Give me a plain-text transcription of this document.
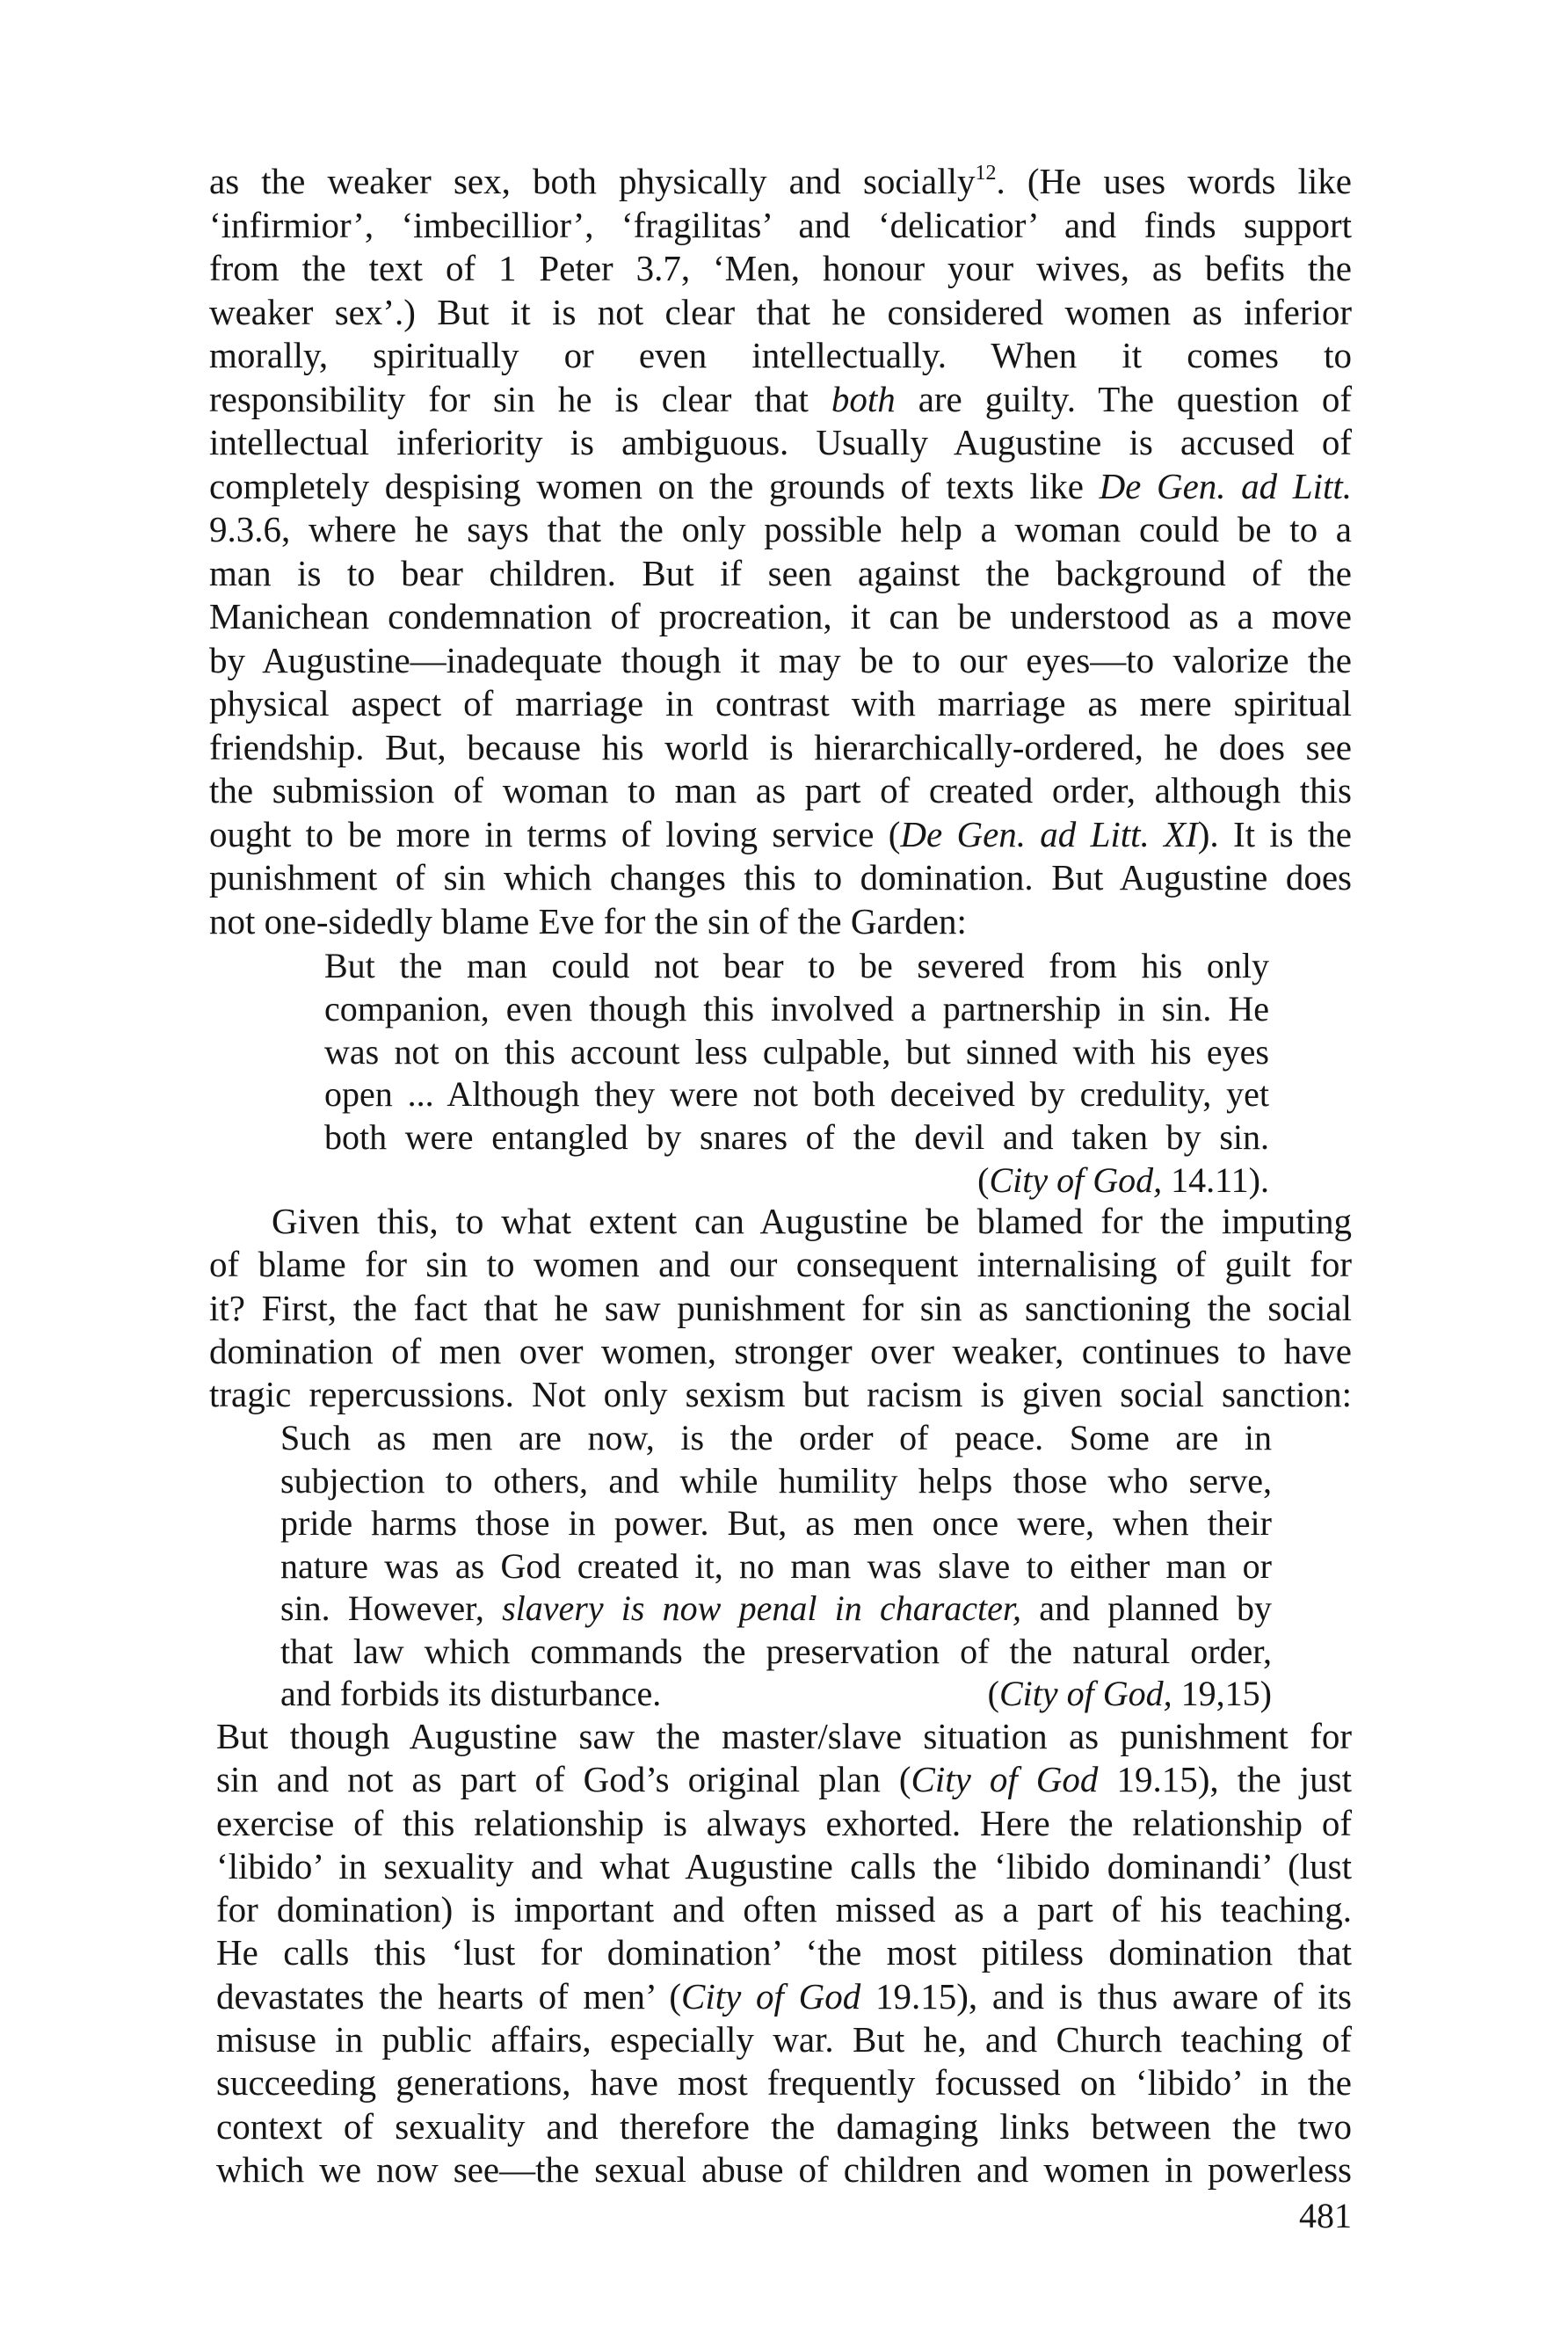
as the weaker sex, both physically and socially$^{12}$. (He uses words like
‘infirmior’, ‘imbecillior’, ‘fragilitas’ and ‘delicatior’ and finds support
from the text of 1 Peter 3.7, ‘Men, honour your wives, as befits the
weaker sex’.) But it is not clear that he considered women as inferior
morally, spiritually or even intellectually. When it comes to
responsibility for sin he is clear that both are guilty. The question of
intellectual inferiority is ambiguous. Usually Augustine is accused of
completely despising women on the grounds of texts like De Gen. ad Litt.
9.3.6, where he says that the only possible help a woman could be to a
man is to bear children. But if seen against the background of the
Manichean condemnation of procreation, it can be understood as a move
by Augustine—inadequate though it may be to our eyes—to valorize the
physical aspect of marriage in contrast with marriage as mere spiritual
friendship. But, because his world is hierarchically-ordered, he does see
the submission of woman to man as part of created order, although this
ought to be more in terms of loving service (De Gen. ad Litt. XI). It is the
punishment of sin which changes this to domination. But Augustine does
not one-sidedly blame Eve for the sin of the Garden:
But the man could not bear to be severed from his only
companion, even though this involved a partnership in sin. He
was not on this account less culpable, but sinned with his eyes
open ... Although they were not both deceived by credulity, yet
both were entangled by snares of the devil and taken by sin.
(City of God, 14.11).
Given this, to what extent can Augustine be blamed for the imputing
of blame for sin to women and our consequent internalising of guilt for
it? First, the fact that he saw punishment for sin as sanctioning the social
domination of men over women, stronger over weaker, continues to have
tragic repercussions. Not only sexism but racism is given social sanction:
Such as men are now, is the order of peace. Some are in
subjection to others, and while humility helps those who serve,
pride harms those in power. But, as men once were, when their
nature was as God created it, no man was slave to either man or
sin. However, slavery is now penal in character, and planned by
that law which commands the preservation of the natural order,
and forbids its disturbance.	(City of God, 19,15)
But though Augustine saw the master/slave situation as punishment for
sin and not as part of God’s original plan (City of God 19.15), the just
exercise of this relationship is always exhorted. Here the relationship of
‘libido’ in sexuality and what Augustine calls the ‘libido dominandi’ (lust
for domination) is important and often missed as a part of his teaching.
He calls this ‘lust for domination’ ‘the most pitiless domination that
devastates the hearts of men’ (City of God 19.15), and is thus aware of its
misuse in public affairs, especially war. But he, and Church teaching of
succeeding generations, have most frequently focussed on ‘libido’ in the
context of sexuality and therefore the damaging links between the two
which we now see—the sexual abuse of children and women in powerless
481
